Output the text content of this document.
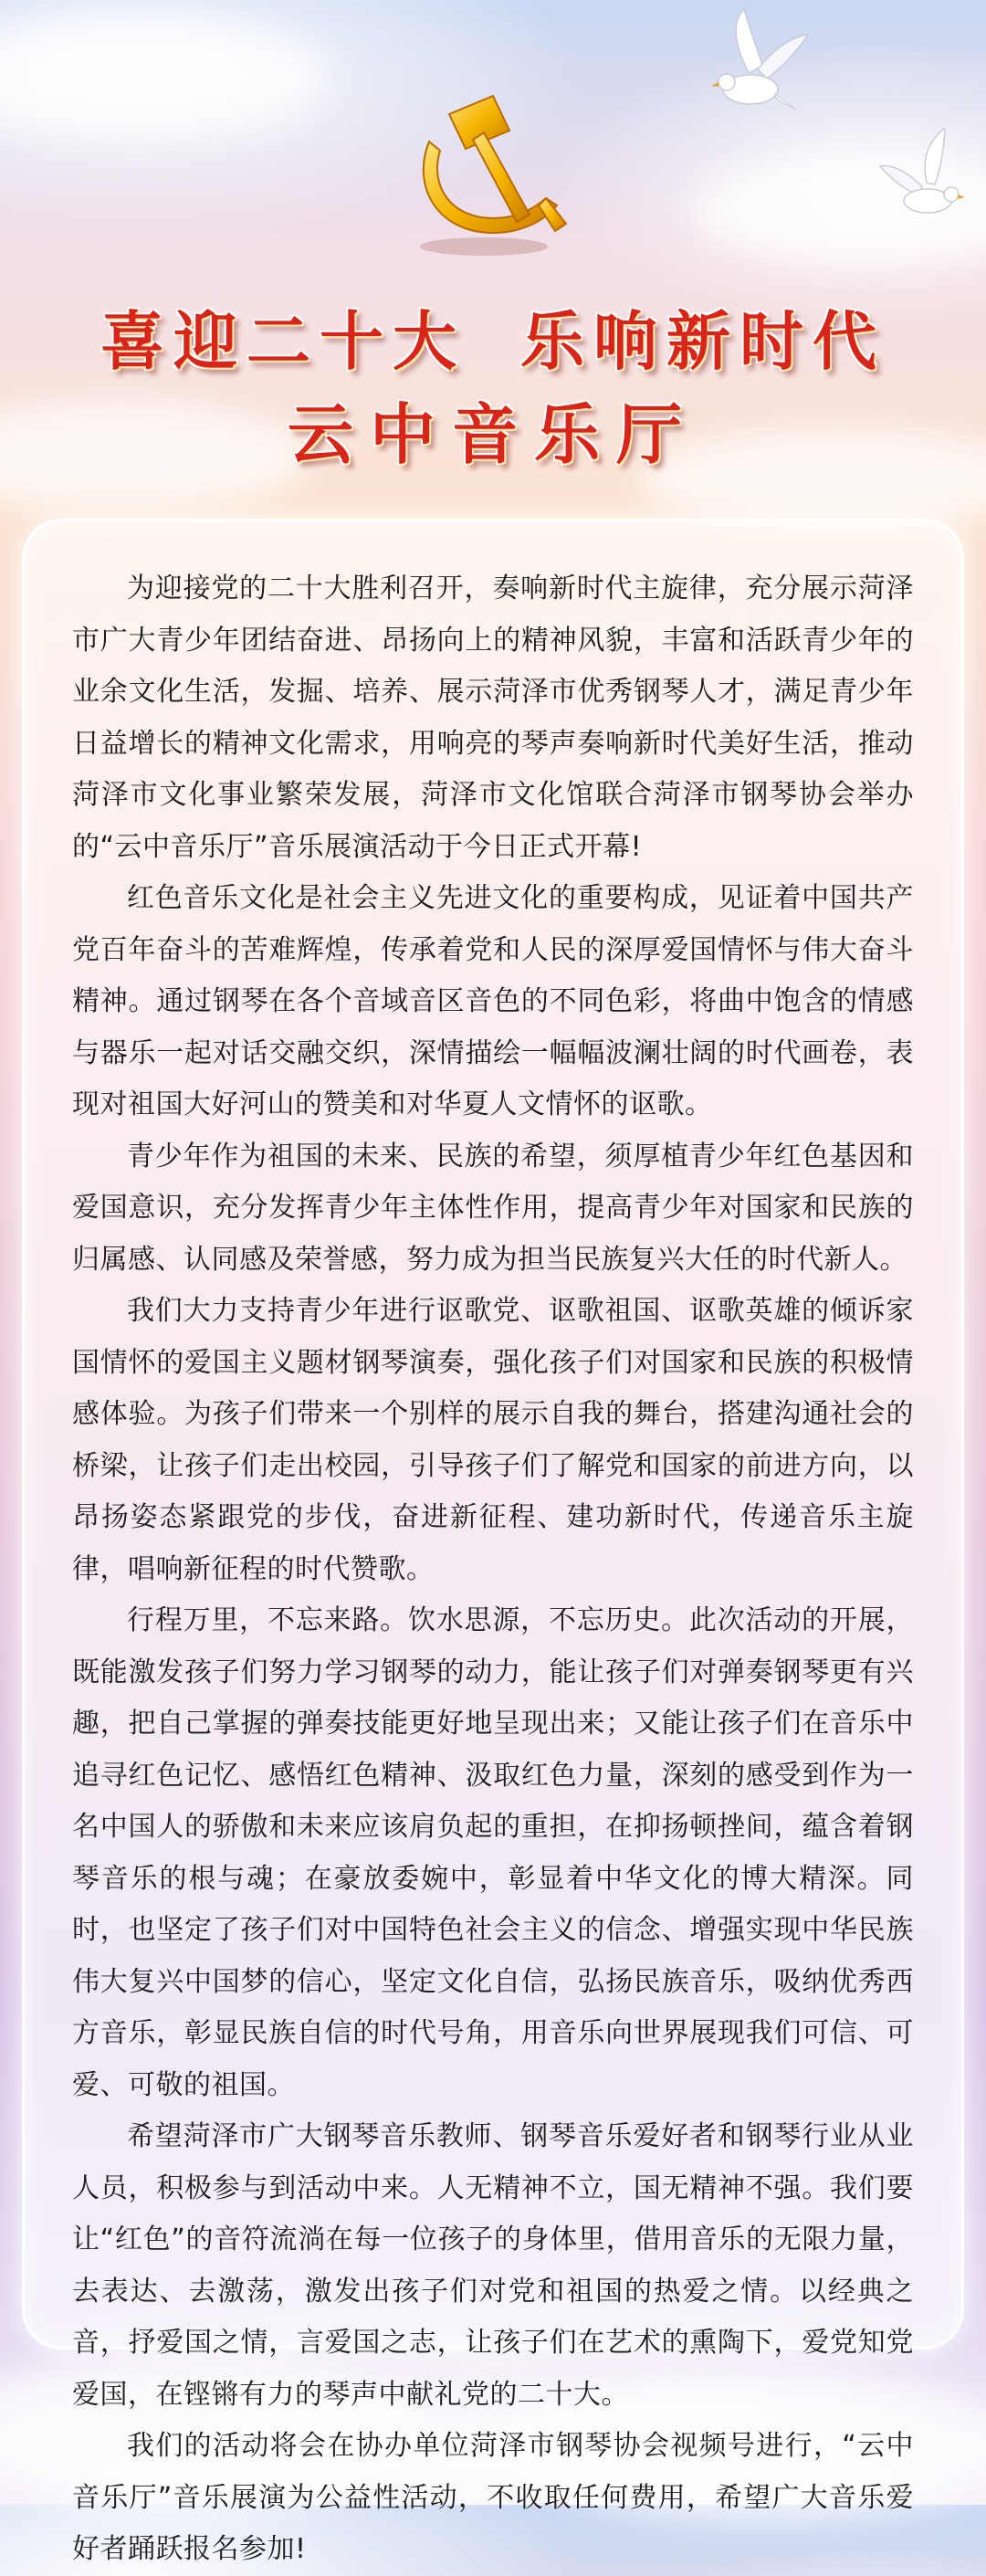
喜迎二十大 乐响新时代
云中音乐厅

为迎接党的二十大胜利召开，奏响新时代主旋律，充分展示菏泽市广大青少年团结奋进、昂扬向上的精神风貌，丰富和活跃青少年的业余文化生活，发掘、培养、展示菏泽市优秀钢琴人才，满足青少年日益增长的精神文化需求，用响亮的琴声奏响新时代美好生活，推动菏泽市文化事业繁荣发展，菏泽市文化馆联合菏泽市钢琴协会举办的“云中音乐厅”音乐展演活动于今日正式开幕!

红色音乐文化是社会主义先进文化的重要构成，见证着中国共产党百年奋斗的苦难辉煌，传承着党和人民的深厚爱国情怀与伟大奋斗精神。通过钢琴在各个音域音区音色的不同色彩，将曲中饱含的情感与器乐一起对话交融交织，深情描绘一幅幅波澜壮阔的时代画卷，表现对祖国大好河山的赞美和对华夏人文情怀的讴歌。

青少年作为祖国的未来、民族的希望，须厚植青少年红色基因和爱国意识，充分发挥青少年主体性作用，提高青少年对国家和民族的归属感、认同感及荣誉感，努力成为担当民族复兴大任的时代新人。

我们大力支持青少年进行讴歌党、讴歌祖国、讴歌英雄的倾诉家国情怀的爱国主义题材钢琴演奏，强化孩子们对国家和民族的积极情感体验。为孩子们带来一个别样的展示自我的舞台，搭建沟通社会的桥梁，让孩子们走出校园，引导孩子们了解党和国家的前进方向，以昂扬姿态紧跟党的步伐，奋进新征程、建功新时代，传递音乐主旋律，唱响新征程的时代赞歌。

行程万里，不忘来路。饮水思源，不忘历史。此次活动的开展，既能激发孩子们努力学习钢琴的动力，能让孩子们对弹奏钢琴更有兴趣，把自己掌握的弹奏技能更好地呈现出来；又能让孩子们在音乐中追寻红色记忆、感悟红色精神、汲取红色力量，深刻的感受到作为一名中国人的骄傲和未来应该肩负起的重担，在抑扬顿挫间，蕴含着钢琴音乐的根与魂；在豪放委婉中，彰显着中华文化的博大精深。同时，也坚定了孩子们对中国特色社会主义的信念、增强实现中华民族伟大复兴中国梦的信心，坚定文化自信，弘扬民族音乐，吸纳优秀西方音乐，彰显民族自信的时代号角，用音乐向世界展现我们可信、可爱、可敬的祖国。

希望菏泽市广大钢琴音乐教师、钢琴音乐爱好者和钢琴行业从业人员，积极参与到活动中来。人无精神不立，国无精神不强。我们要让“红色”的音符流淌在每一位孩子的身体里，借用音乐的无限力量，去表达、去激荡，激发出孩子们对党和祖国的热爱之情。以经典之音，抒爱国之情，言爱国之志，让孩子们在艺术的熏陶下，爱党知党爱国，在铿锵有力的琴声中献礼党的二十大。

我们的活动将会在协办单位菏泽市钢琴协会视频号进行，“云中音乐厅”音乐展演为公益性活动，不收取任何费用，希望广大音乐爱好者踊跃报名参加!
